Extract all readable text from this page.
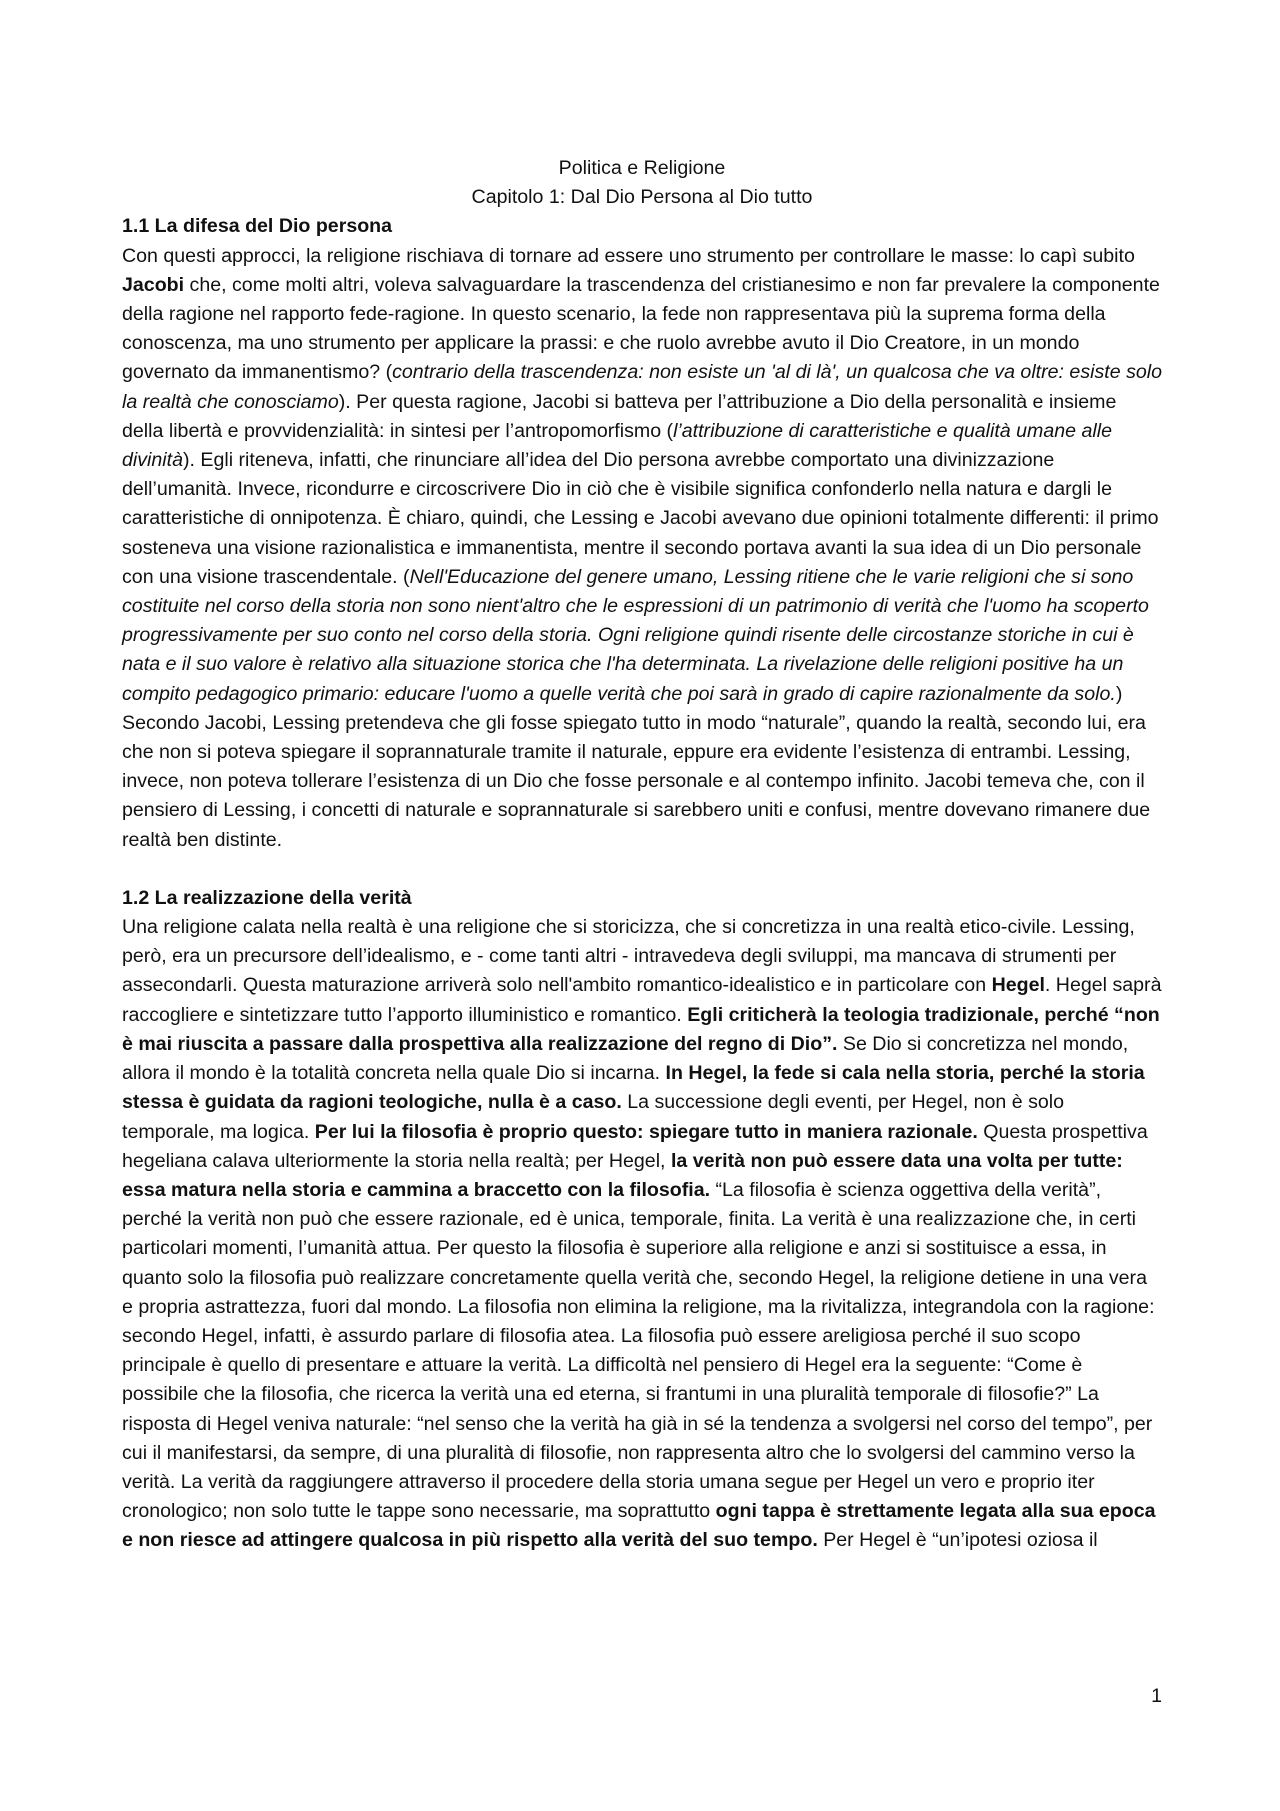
Politica e Religione

Capitolo 1: Dal Dio Persona al Dio tutto

1.1 La difesa del Dio persona

Con questi approcci, la religione rischiava di tornare ad essere uno strumento per controllare le masse: lo capì subito Jacobi che, come molti altri, voleva salvaguardare la trascendenza del cristianesimo e non far prevalere la componente della ragione nel rapporto fede-ragione. In questo scenario, la fede non rappresentava più la suprema forma della conoscenza, ma uno strumento per applicare la prassi: e che ruolo avrebbe avuto il Dio Creatore, in un mondo governato da immanentismo? (contrario della trascendenza: non esiste un 'al di là', un qualcosa che va oltre: esiste solo la realtà che conosciamo). Per questa ragione, Jacobi si batteva per l’attribuzione a Dio della personalità e insieme della libertà e provvidenzialità: in sintesi per l’antropomorfismo (l’attribuzione di caratteristiche e qualità umane alle divinità). Egli riteneva, infatti, che rinunciare all’idea del Dio persona avrebbe comportato una divinizzazione dell’umanità. Invece, ricondurre e circoscrivere Dio in ciò che è visibile significa confonderlo nella natura e dargli le caratteristiche di onnipotenza. È chiaro, quindi, che Lessing e Jacobi avevano due opinioni totalmente differenti: il primo sosteneva una visione razionalistica e immanentista, mentre il secondo portava avanti la sua idea di un Dio personale con una visione trascendentale. (Nell'Educazione del genere umano, Lessing ritiene che le varie religioni che si sono costituite nel corso della storia non sono nient'altro che le espressioni di un patrimonio di verità che l'uomo ha scoperto progressivamente per suo conto nel corso della storia. Ogni religione quindi risente delle circostanze storiche in cui è nata e il suo valore è relativo alla situazione storica che l'ha determinata. La rivelazione delle religioni positive ha un compito pedagogico primario: educare l'uomo a quelle verità che poi sarà in grado di capire razionalmente da solo.) Secondo Jacobi, Lessing pretendeva che gli fosse spiegato tutto in modo “naturale”, quando la realtà, secondo lui, era che non si poteva spiegare il soprannaturale tramite il naturale, eppure era evidente l’esistenza di entrambi. Lessing, invece, non poteva tollerare l’esistenza di un Dio che fosse personale e al contempo infinito. Jacobi temeva che, con il pensiero di Lessing, i concetti di naturale e soprannaturale si sarebbero uniti e confusi, mentre dovevano rimanere due realtà ben distinte.

1.2 La realizzazione della verità

Una religione calata nella realtà è una religione che si storicizza, che si concretizza in una realtà etico-civile. Lessing, però, era un precursore dell’idealismo, e - come tanti altri - intravedeva degli sviluppi, ma mancava di strumenti per assecondarli. Questa maturazione arriverà solo nell'ambito romantico-idealistico e in particolare con Hegel. Hegel saprà raccogliere e sintetizzare tutto l’apporto illuministico e romantico. Egli criticherà la teologia tradizionale, perché “non è mai riuscita a passare dalla prospettiva alla realizzazione del regno di Dio”. Se Dio si concretizza nel mondo, allora il mondo è la totalità concreta nella quale Dio si incarna. In Hegel, la fede si cala nella storia, perché la storia stessa è guidata da ragioni teologiche, nulla è a caso. La successione degli eventi, per Hegel, non è solo temporale, ma logica. Per lui la filosofia è proprio questo: spiegare tutto in maniera razionale. Questa prospettiva hegeliana calava ulteriormente la storia nella realtà; per Hegel, la verità non può essere data una volta per tutte: essa matura nella storia e cammina a braccetto con la filosofia. “La filosofia è scienza oggettiva della verità”, perché la verità non può che essere razionale, ed è unica, temporale, finita. La verità è una realizzazione che, in certi particolari momenti, l’umanità attua. Per questo la filosofia è superiore alla religione e anzi si sostituisce a essa, in quanto solo la filosofia può realizzare concretamente quella verità che, secondo Hegel, la religione detiene in una vera e propria astrattezza, fuori dal mondo. La filosofia non elimina la religione, ma la rivitalizza, integrandola con la ragione: secondo Hegel, infatti, è assurdo parlare di filosofia atea. La filosofia può essere areligiosa perché il suo scopo principale è quello di presentare e attuare la verità. La difficoltà nel pensiero di Hegel era la seguente: “Come è possibile che la filosofia, che ricerca la verità una ed eterna, si frantumi in una pluralità temporale di filosofie?” La risposta di Hegel veniva naturale: “nel senso che la verità ha già in sé la tendenza a svolgersi nel corso del tempo”, per cui il manifestarsi, da sempre, di una pluralità di filosofie, non rappresenta altro che lo svolgersi del cammino verso la verità. La verità da raggiungere attraverso il procedere della storia umana segue per Hegel un vero e proprio iter cronologico; non solo tutte le tappe sono necessarie, ma soprattutto ogni tappa è strettamente legata alla sua epoca e non riesce ad attingere qualcosa in più rispetto alla verità del suo tempo. Per Hegel è “un’ipotesi oziosa il

1
